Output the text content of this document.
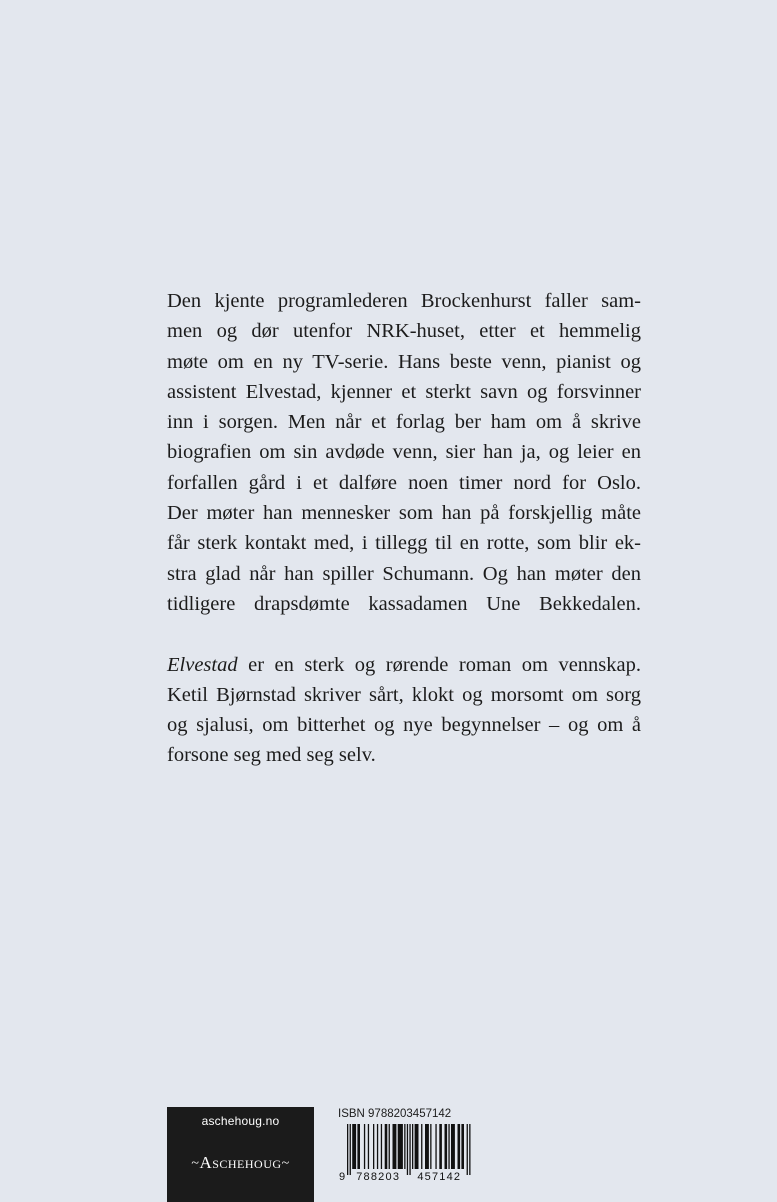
Den kjente programlederen Brockenhurst faller sam-
men og dør utenfor NRK-huset, etter et hemmelig
møte om en ny TV-serie. Hans beste venn, pianist og
assistent Elvestad, kjenner et sterkt savn og forsvinner
inn i sorgen. Men når et forlag ber ham om å skrive
biografien om sin avdøde venn, sier han ja, og leier en
forfallen gård i et dalføre noen timer nord for Oslo.
Der møter han mennesker som han på forskjellig måte
får sterk kontakt med, i tillegg til en rotte, som blir ek-
stra glad når han spiller Schumann. Og han møter den
tidligere drapsdømte kassadamen Une Bekkedalen.

Elvestad er en sterk og rørende roman om vennskap.
Ketil Bjørnstad skriver sårt, klokt og morsomt om sorg
og sjalusi, om bitterhet og nye begynnelser – og om å
forsone seg med seg selv.

aschehoug.no
~Aschehoug~
ISBN 9788203457142
9 788203 457142
